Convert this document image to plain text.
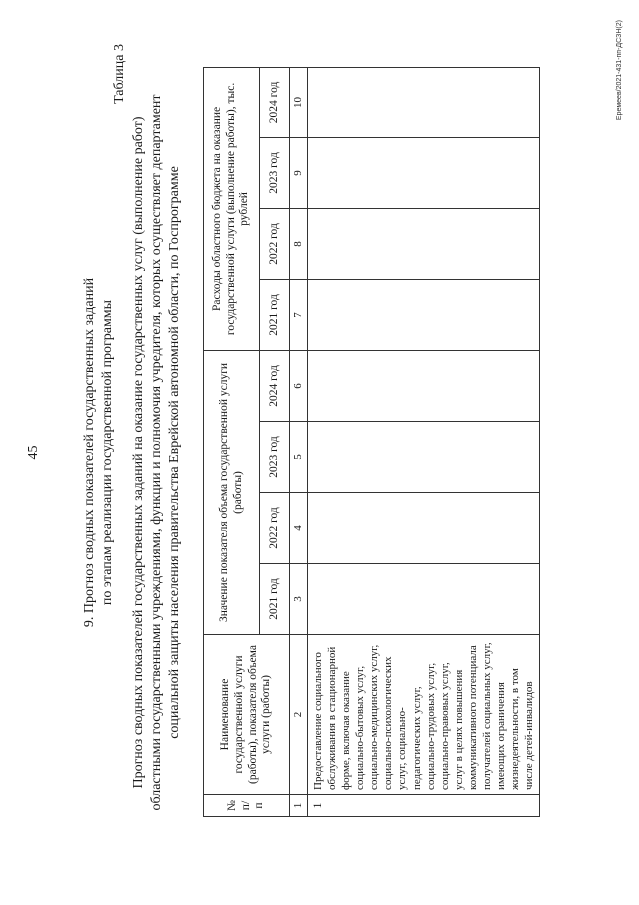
45	9. Прогноз сводных показателей государственных заданий по этапам реализации государственной программы
Таблица 3
Прогноз сводных показателей государственных заданий на оказание государственных услуг (выполнение работ) областными государственными учреждениями, функции и полномочия учредителя, которых осуществляет департамент социальной защиты населения правительства Еврейской автономной области, по Госпрограмме
№ п/п	Наименование государственной услуги (работы), показателя объема услуги (работы)	Значение показателя объема государственной услуги (работы)				Расходы областного бюджета на оказание государственной услуги (выполнение работы), тыс. рублей			
		2021 год	2022 год	2023 год	2024 год	2021 год	2022 год	2023 год	2024 год
1	2	3	4	5	6	7	8	9	10
1	Предоставление социального обслуживания в стационарной форме, включая оказание социально-бытовых услуг, социально-медицинских услуг, социально-психологических услуг, социально-педагогических услуг, социально-трудовых услуг, социально-правовых услуг, услуг в целях повышения коммуникативного потенциала получателей социальных услуг, имеющих ограничения жизнедеятельности, в том числе детей-инвалидов								
Еремеев/2021-431-пп-ДСЗН(2)
